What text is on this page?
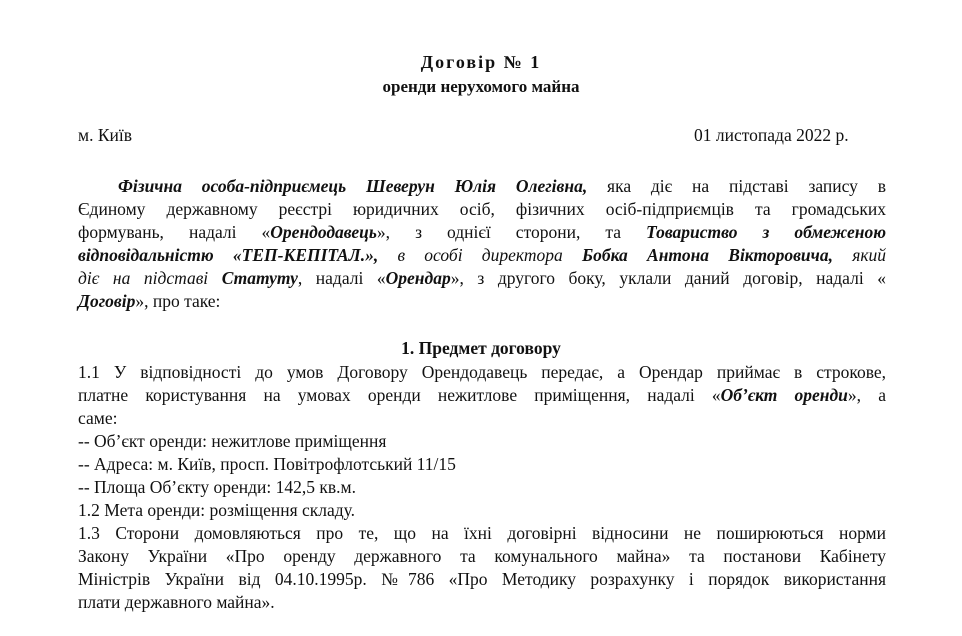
Договір № 1
оренди нерухомого майна
м. Київ	01 листопада 2022 р.
Фізична особа-підприємець Шеверун Юлія Олегівна, яка діє на підставі запису в
Єдиному державному реєстрі юридичних осіб, фізичних осіб-підприємців та громадських
формувань, надалі «Орендодавець», з однієї сторони, та Товариство з обмеженою
відповідальністю «ТЕП-КЕПІТАЛ.», в особі директора Бобка Антона Вікторовича, який
діє на підставі Статуту, надалі «Орендар», з другого боку, уклали даний договір, надалі «
Договір», про таке:
1. Предмет договору
1.1 У відповідності до умов Договору Орендодавець передає, а Орендар приймає в строкове,
платне користування на умовах оренди нежитлове приміщення, надалі «Об’єкт оренди», а
саме:
-- Об’єкт оренди: нежитлове приміщення
-- Адреса: м. Київ, просп. Повітрофлотський 11/15
-- Площа Об’єкту оренди: 142,5 кв.м.
1.2 Мета оренди: розміщення складу.
1.3 Сторони домовляються про те, що на їхні договірні відносини не поширюються норми
Закону України «Про оренду державного та комунального майна» та постанови Кабінету
Міністрів України від 04.10.1995р. №786 «Про Методику розрахунку і порядок використання
плати державного майна».
